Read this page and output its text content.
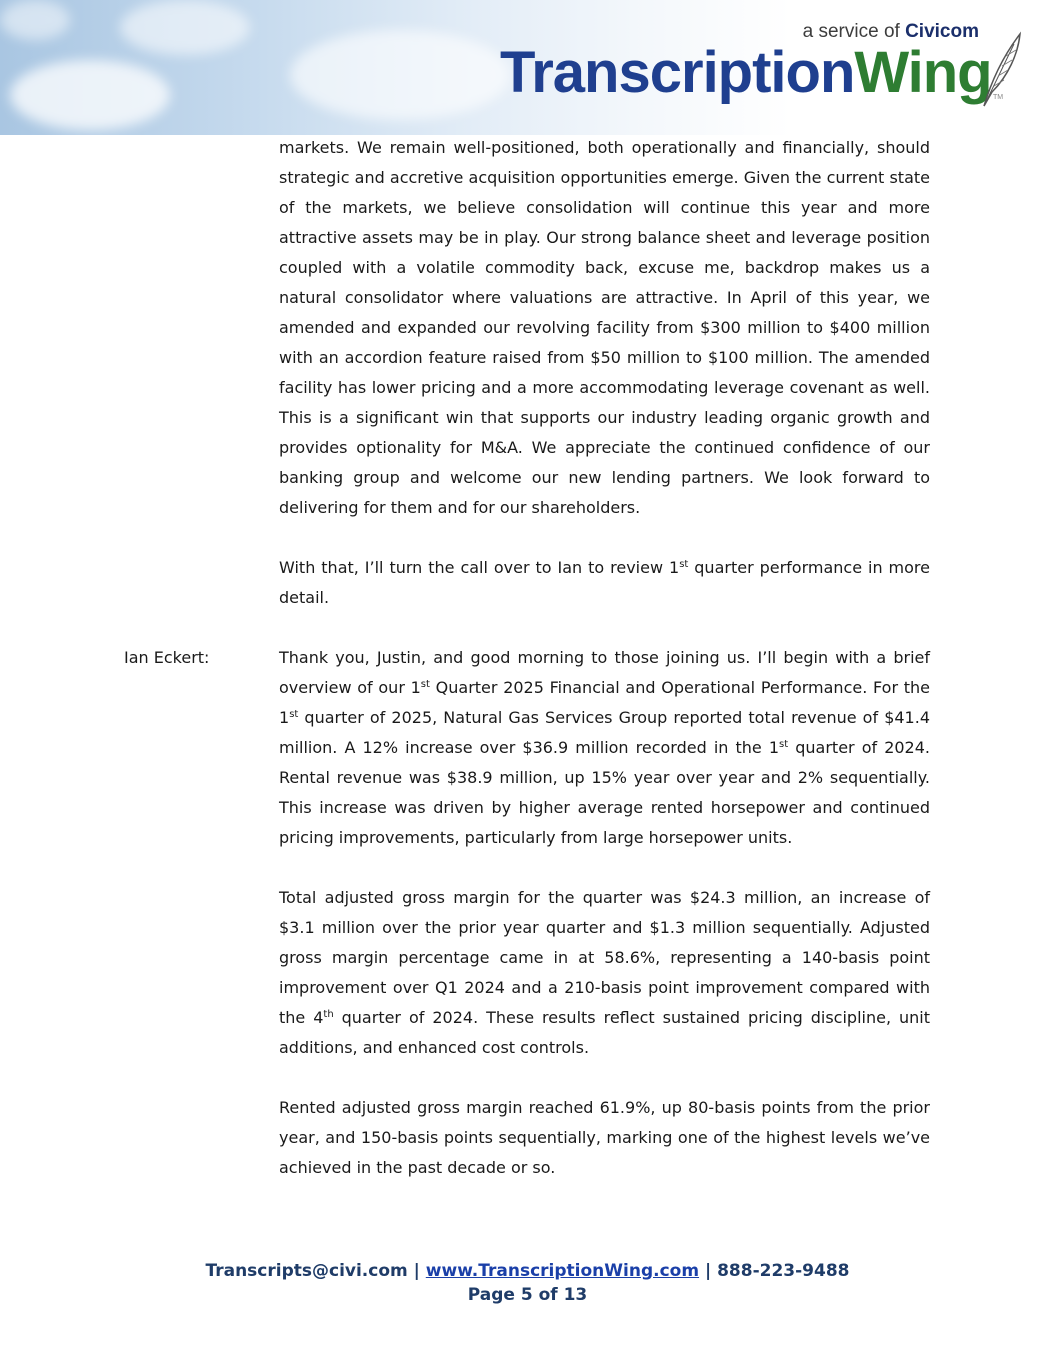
a service of Civicom
TranscriptionWing TM

markets. We remain well-positioned, both operationally and financially, should strategic and accretive acquisition opportunities emerge. Given the current state of the markets, we believe consolidation will continue this year and more attractive assets may be in play. Our strong balance sheet and leverage position coupled with a volatile commodity back, excuse me, backdrop makes us a natural consolidator where valuations are attractive. In April of this year, we amended and expanded our revolving facility from $300 million to $400 million with an accordion feature raised from $50 million to $100 million. The amended facility has lower pricing and a more accommodating leverage covenant as well. This is a significant win that supports our industry leading organic growth and provides optionality for M&A. We appreciate the continued confidence of our banking group and welcome our new lending partners. We look forward to delivering for them and for our shareholders.

With that, I’ll turn the call over to Ian to review 1st quarter performance in more detail.

Ian Eckert:	Thank you, Justin, and good morning to those joining us. I’ll begin with a brief overview of our 1st Quarter 2025 Financial and Operational Performance. For the 1st quarter of 2025, Natural Gas Services Group reported total revenue of $41.4 million. A 12% increase over $36.9 million recorded in the 1st quarter of 2024. Rental revenue was $38.9 million, up 15% year over year and 2% sequentially. This increase was driven by higher average rented horsepower and continued pricing improvements, particularly from large horsepower units.

Total adjusted gross margin for the quarter was $24.3 million, an increase of $3.1 million over the prior year quarter and $1.3 million sequentially. Adjusted gross margin percentage came in at 58.6%, representing a 140-basis point improvement over Q1 2024 and a 210-basis point improvement compared with the 4th quarter of 2024. These results reflect sustained pricing discipline, unit additions, and enhanced cost controls.

Rented adjusted gross margin reached 61.9%, up 80-basis points from the prior year, and 150-basis points sequentially, marking one of the highest levels we’ve achieved in the past decade or so.

Transcripts@civi.com | www.TranscriptionWing.com | 888-223-9488
Page 5 of 13
